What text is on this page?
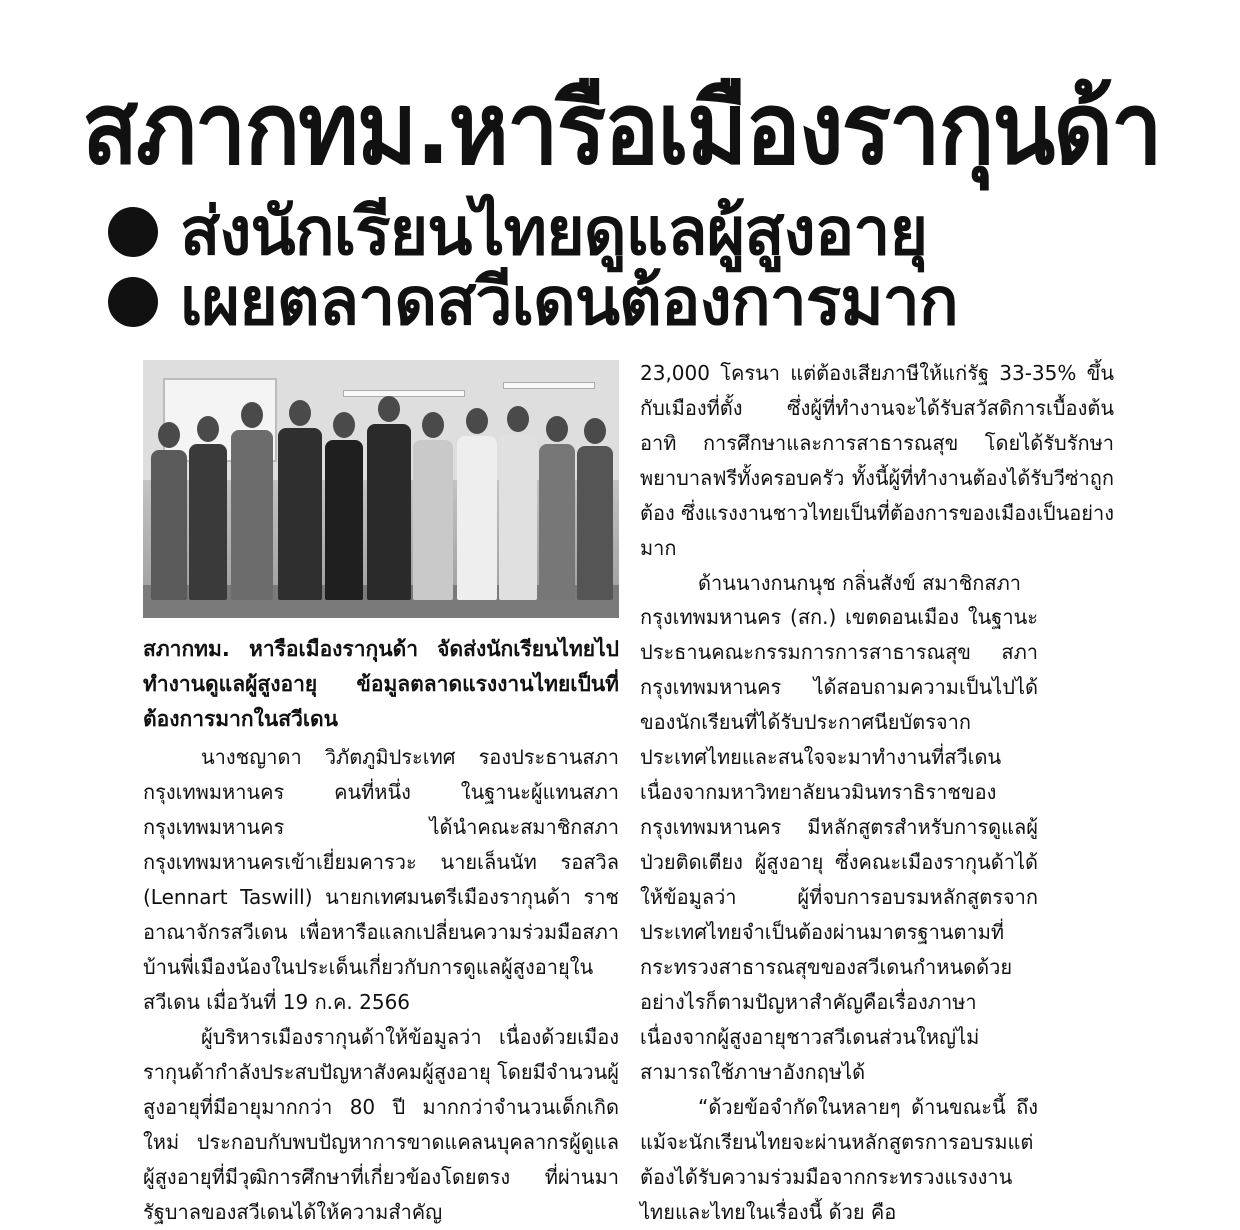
สภากทม.หารือเมืองรากุนด้า
ส่งนักเรียนไทยดูแลผู้สูงอายุ
เผยตลาดสวีเดนต้องการมาก
สภากทม. หารือเมืองรากุนด้า จัดส่งนักเรียนไทยไปทำงานดูแลผู้สูงอายุ ข้อมูลตลาดแรงงานไทยเป็นที่ต้องการมากในสวีเดน

นางชญาดา วิภัตภูมิประเทศ รองประธานสภากรุงเทพมหานคร คนที่หนึ่ง ในฐานะผู้แทนสภากรุงเทพมหานคร ได้นำคณะสมาชิกสภากรุงเทพมหานครเข้าเยี่ยมคารวะ นายเล็นนัท รอสวิล (Lennart Taswill) นายกเทศมนตรีเมืองรากุนด้า ราชอาณาจักรสวีเดน เพื่อหารือแลกเปลี่ยนความร่วมมือสภาบ้านพี่เมืองน้องในประเด็นเกี่ยวกับการดูแลผู้สูงอายุในสวีเดน เมื่อวันที่ 19 ก.ค. 2566

ผู้บริหารเมืองรากุนด้าให้ข้อมูลว่า เนื่องด้วยเมืองรากุนด้ากำลังประสบปัญหาสังคมผู้สูงอายุ โดยมีจำนวนผู้สูงอายุที่มีอายุมากกว่า 80 ปี มากกว่าจำนวนเด็กเกิดใหม่ ประกอบกับพบปัญหาการขาดแคลนบุคลากรผู้ดูแลผู้สูงอายุที่มีวุฒิการศึกษาที่เกี่ยวข้องโดยตรง ที่ผ่านมารัฐบาลของสวีเดนได้ให้ความสำคัญ

23,000 โครนา แต่ต้องเสียภาษีให้แก่รัฐ 33-35% ขึ้นกับเมืองที่ตั้ง ซึ่งผู้ที่ทำงานจะได้รับสวัสดิการเบื้องต้น อาทิ การศึกษาและการสาธารณสุข โดยได้รับรักษาพยาบาลฟรีทั้งครอบครัว ทั้งนี้ผู้ที่ทำงานต้องได้รับวีซ่าถูกต้อง ซึ่งแรงงานชาวไทยเป็นที่ต้องการของเมืองเป็นอย่างมาก

ด้านนางกนกนุช กลิ่นสังข์ สมาชิกสภา

กรุงเทพมหานคร (สก.) เขตดอนเมือง ในฐานะประธานคณะกรรมการการสาธารณสุข สภากรุงเทพมหานคร ได้สอบถามความเป็นไปได้ของนักเรียนที่ได้รับประกาศนียบัตรจากประเทศไทยและสนใจจะมาทำงานที่สวีเดน เนื่องจากมหาวิทยาลัยนวมินทราธิราชของกรุงเทพมหานคร มีหลักสูตรสำหรับการดูแลผู้ป่วยติดเตียง ผู้สูงอายุ ซึ่งคณะเมืองรากุนด้าได้ให้ข้อมูลว่า ผู้ที่จบการอบรมหลักสูตรจากประเทศไทยจำเป็นต้องผ่านมาตรฐานตามที่กระทรวงสาธารณสุขของสวีเดนกำหนดด้วย อย่างไรก็ตามปัญหาสำคัญคือเรื่องภาษา เนื่องจากผู้สูงอายุชาวสวีเดนส่วนใหญ่ไม่สามารถใช้ภาษาอังกฤษได้

“ด้วยข้อจำกัดในหลายๆ ด้านขณะนี้ ถึงแม้จะนักเรียนไทยจะผ่านหลักสูตรการอบรมแต่ต้องได้รับความร่วมมือจากกระทรวงแรงงานไทยและไทยในเรื่องนี้ ด้วย คือ
